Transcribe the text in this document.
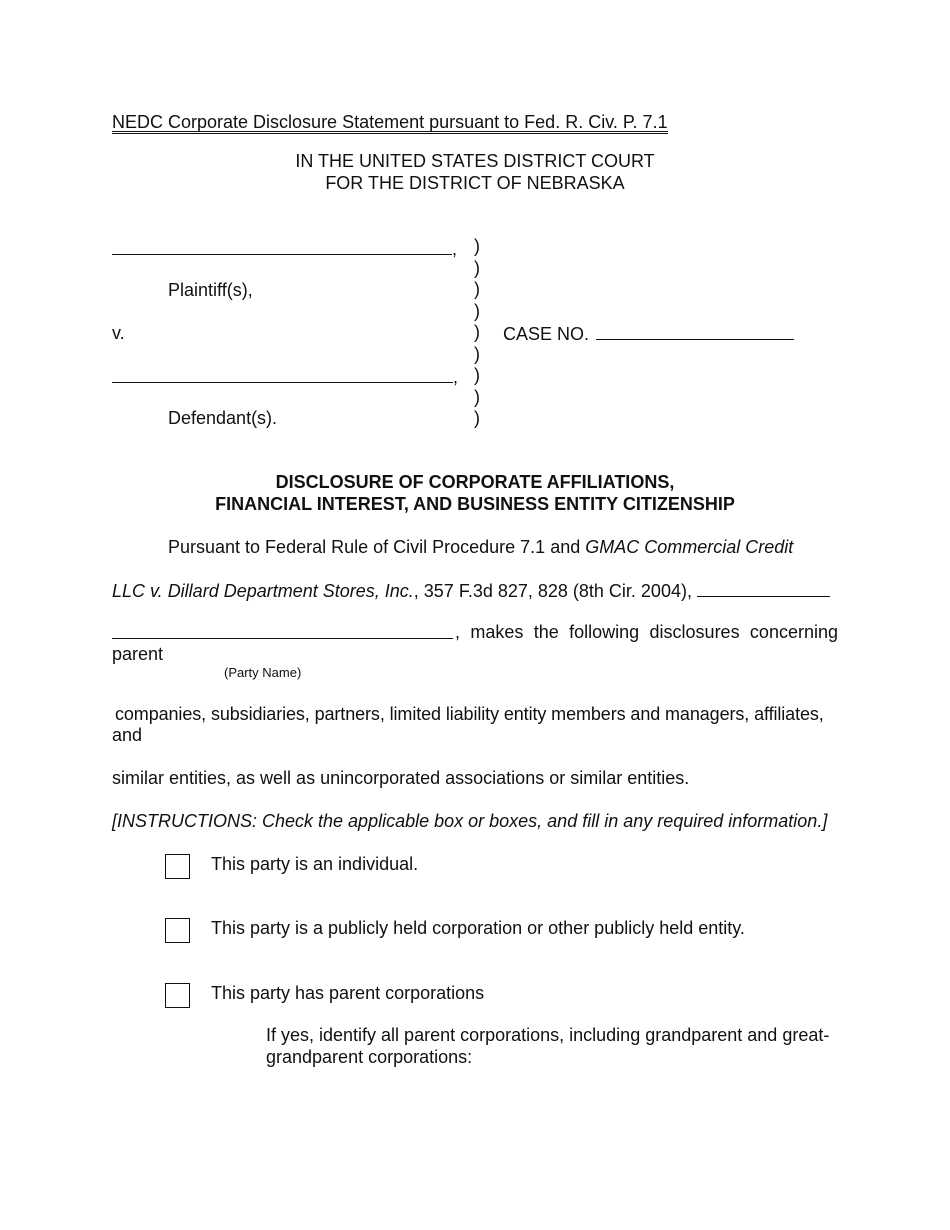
NEDC Corporate Disclosure Statement pursuant to Fed. R. Civ. P. 7.1
IN THE UNITED STATES DISTRICT COURT
FOR THE DISTRICT OF NEBRASKA
,
Plaintiff(s),
v.
,
Defendant(s).
)
)
)
)
)
)
)
)
)
CASE NO.
DISCLOSURE OF CORPORATE AFFILIATIONS,
FINANCIAL INTEREST, AND BUSINESS ENTITY CITIZENSHIP
Pursuant to Federal Rule of Civil Procedure 7.1 and GMAC Commercial Credit
LLC v. Dillard Department Stores, Inc., 357 F.3d 827, 828 (8th Cir. 2004),
, makes the following disclosures concerning
parent
(Party Name)
companies, subsidiaries, partners, limited liability entity members and managers, affiliates,
and
similar entities, as well as unincorporated associations or similar entities.
[INSTRUCTIONS: Check the applicable box or boxes, and fill in any required information.]
This party is an individual.
This party is a publicly held corporation or other publicly held entity.
This party has parent corporations
If yes, identify all parent corporations, including grandparent and great-
grandparent corporations:
